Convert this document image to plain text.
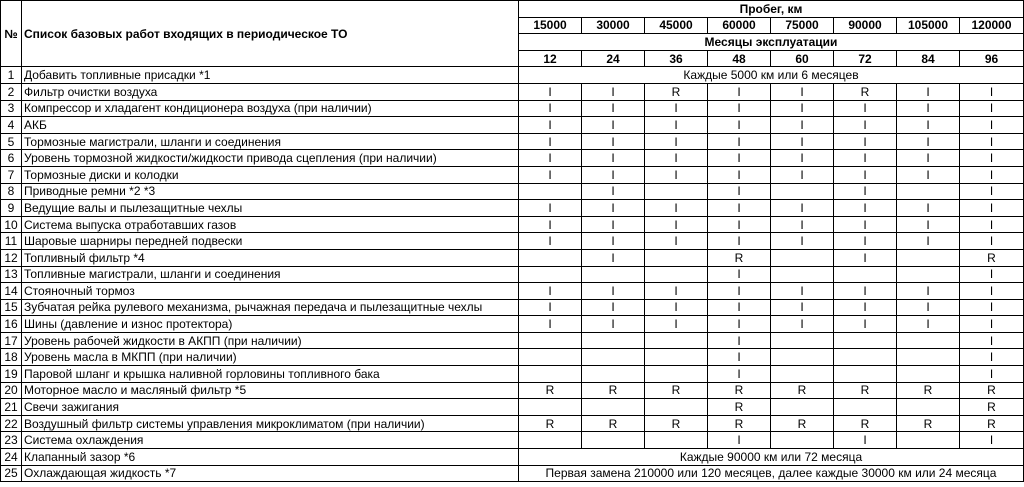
№	Список базовых работ входящих в периодическое ТО	Пробег, км							
		15000	30000	45000	60000	75000	90000	105000	120000
		Месяцы эксплуатации							
		12	24	36	48	60	72	84	96
1	Добавить топливные присадки *1	Каждые 5000 км или 6 месяцев							
2	Фильтр очистки воздуха	I	I	R	I	I	R	I	I
3	Компрессор и хладагент кондиционера воздуха (при наличии)	I	I	I	I	I	I	I	I
4	АКБ	I	I	I	I	I	I	I	I
5	Тормозные магистрали, шланги и соединения	I	I	I	I	I	I	I	I
6	Уровень тормозной жидкости/жидкости привода сцепления (при наличии)	I	I	I	I	I	I	I	I
7	Тормозные диски и колодки	I	I	I	I	I	I	I	I
8	Приводные ремни *2 *3		I		I		I		I
9	Ведущие валы и пылезащитные чехлы	I	I	I	I	I	I	I	I
10	Система выпуска отработавших газов	I	I	I	I	I	I	I	I
11	Шаровые шарниры передней подвески	I	I	I	I	I	I	I	I
12	Топливный фильтр *4		I		R		I		R
13	Топливные магистрали, шланги и соединения				I				I
14	Стояночный тормоз	I	I	I	I	I	I	I	I
15	Зубчатая рейка рулевого механизма, рычажная передача и пылезащитные чехлы	I	I	I	I	I	I	I	I
16	Шины (давление и износ протектора)	I	I	I	I	I	I	I	I
17	Уровень рабочей жидкости в АКПП (при наличии)				I				I
18	Уровень масла в МКПП (при наличии)				I				I
19	Паровой шланг и крышка наливной горловины топливного бака				I				I
20	Моторное масло и масляный фильтр *5	R	R	R	R	R	R	R	R
21	Свечи зажигания				R				R
22	Воздушный фильтр системы управления микроклиматом (при наличии)	R	R	R	R	R	R	R	R
23	Система охлаждения				I		I		I
24	Клапанный зазор *6	Каждые 90000 км или 72 месяца							
25	Охлаждающая жидкость *7	Первая замена 210000 или 120 месяцев, далее каждые 30000 км или 24 месяца							
